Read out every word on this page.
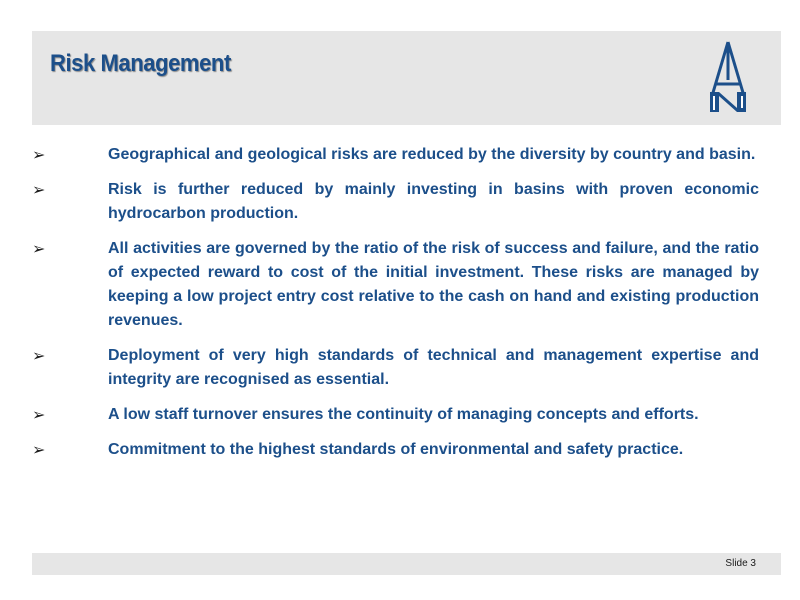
Risk Management
➢	Geographical and geological risks are reduced by the diversity by country and basin.
➢	Risk is further reduced by mainly investing in basins with proven economic hydrocarbon production.
➢	All activities are governed by the ratio of the risk of success and failure, and the ratio of expected reward to cost of the initial investment. These risks are managed by keeping a low project entry cost relative to the cash on hand and existing production revenues.
➢	Deployment of very high standards of technical and management expertise and integrity are recognised as essential.
➢	A low staff turnover ensures the continuity of managing concepts and efforts.
➢	Commitment to the highest standards of environmental and safety practice.
Slide 3
